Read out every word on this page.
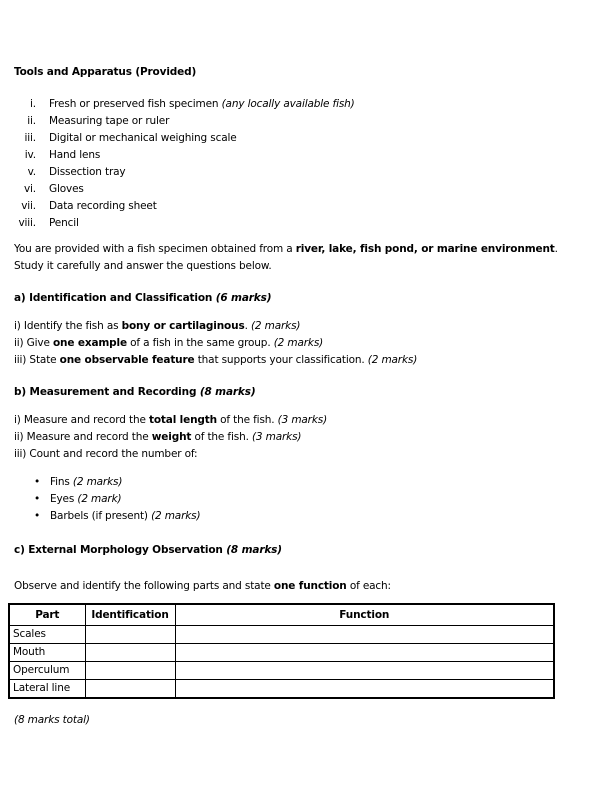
Tools and Apparatus (Provided)
i. Fresh or preserved fish specimen (any locally available fish)
ii. Measuring tape or ruler
iii. Digital or mechanical weighing scale
iv. Hand lens
v. Dissection tray
vi. Gloves
vii. Data recording sheet
viii. Pencil
You are provided with a fish specimen obtained from a river, lake, fish pond, or marine environment.
Study it carefully and answer the questions below.
a) Identification and Classification (6 marks)
i) Identify the fish as bony or cartilaginous. (2 marks)
ii) Give one example of a fish in the same group. (2 marks)
iii) State one observable feature that supports your classification. (2 marks)
b) Measurement and Recording (8 marks)
i) Measure and record the total length of the fish. (3 marks)
ii) Measure and record the weight of the fish. (3 marks)
iii) Count and record the number of:
• Fins (2 marks)
• Eyes (2 mark)
• Barbels (if present) (2 marks)
c) External Morphology Observation (8 marks)
Observe and identify the following parts and state one function of each:
Part	Identification	Function
Scales		
Mouth		
Operculum		
Lateral line		
(8 marks total)
